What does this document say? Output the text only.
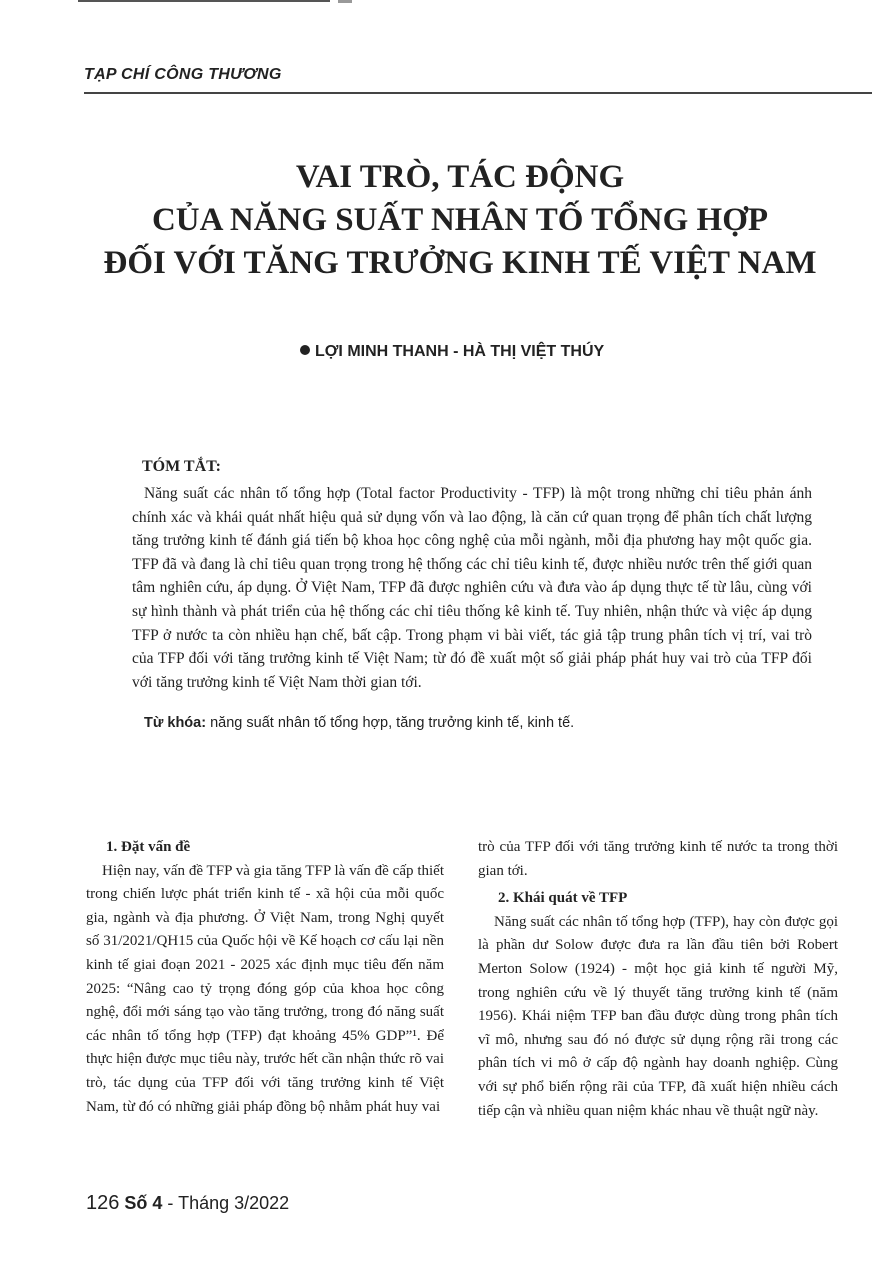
TẠP CHÍ CÔNG THƯƠNG
VAI TRÒ, TÁC ĐỘNG
CỦA NĂNG SUẤT NHÂN TỐ TỔNG HỢP
ĐỐI VỚI TĂNG TRƯỞNG KINH TẾ VIỆT NAM
LỢI MINH THANH - HÀ THỊ VIỆT THÚY
TÓM TẮT:

Năng suất các nhân tố tổng hợp (Total factor Productivity - TFP) là một trong những chỉ tiêu phản ánh chính xác và khái quát nhất hiệu quả sử dụng vốn và lao động, là căn cứ quan trọng để phân tích chất lượng tăng trưởng kinh tế đánh giá tiến bộ khoa học công nghệ của mỗi ngành, mỗi địa phương hay một quốc gia. TFP đã và đang là chỉ tiêu quan trọng trong hệ thống các chỉ tiêu kinh tế, được nhiều nước trên thế giới quan tâm nghiên cứu, áp dụng. Ở Việt Nam, TFP đã được nghiên cứu và đưa vào áp dụng thực tế từ lâu, cùng với sự hình thành và phát triển của hệ thống các chỉ tiêu thống kê kinh tế. Tuy nhiên, nhận thức và việc áp dụng TFP ở nước ta còn nhiều hạn chế, bất cập. Trong phạm vi bài viết, tác giả tập trung phân tích vị trí, vai trò của TFP đối với tăng trưởng kinh tế Việt Nam; từ đó đề xuất một số giải pháp phát huy vai trò của TFP đối với tăng trưởng kinh tế Việt Nam thời gian tới.

Từ khóa: năng suất nhân tố tổng hợp, tăng trưởng kinh tế, kinh tế.

1. Đặt vấn đề

Hiện nay, vấn đề TFP và gia tăng TFP là vấn đề cấp thiết trong chiến lược phát triển kinh tế - xã hội của mỗi quốc gia, ngành và địa phương. Ở Việt Nam, trong Nghị quyết số 31/2021/QH15 của Quốc hội về Kế hoạch cơ cấu lại nền kinh tế giai đoạn 2021 - 2025 xác định mục tiêu đến năm 2025: “Nâng cao tỷ trọng đóng góp của khoa học công nghệ, đổi mới sáng tạo vào tăng trưởng, trong đó năng suất các nhân tố tổng hợp (TFP) đạt khoảng 45% GDP”¹. Để thực hiện được mục tiêu này, trước hết cần nhận thức rõ vai trò, tác dụng của TFP đối với tăng trưởng kinh tế Việt Nam, từ đó có những giải pháp đồng bộ nhằm phát huy vai

trò của TFP đối với tăng trưởng kinh tế nước ta trong thời gian tới.

2. Khái quát về TFP

Năng suất các nhân tố tổng hợp (TFP), hay còn được gọi là phần dư Solow được đưa ra lần đầu tiên bởi Robert Merton Solow (1924) - một học giả kinh tế người Mỹ, trong nghiên cứu về lý thuyết tăng trưởng kinh tế (năm 1956). Khái niệm TFP ban đầu được dùng trong phân tích vĩ mô, nhưng sau đó nó được sử dụng rộng rãi trong các phân tích vi mô ở cấp độ ngành hay doanh nghiệp. Cùng với sự phổ biến rộng rãi của TFP, đã xuất hiện nhiều cách tiếp cận và nhiều quan niệm khác nhau về thuật ngữ này.

126 Số 4 - Tháng 3/2022
